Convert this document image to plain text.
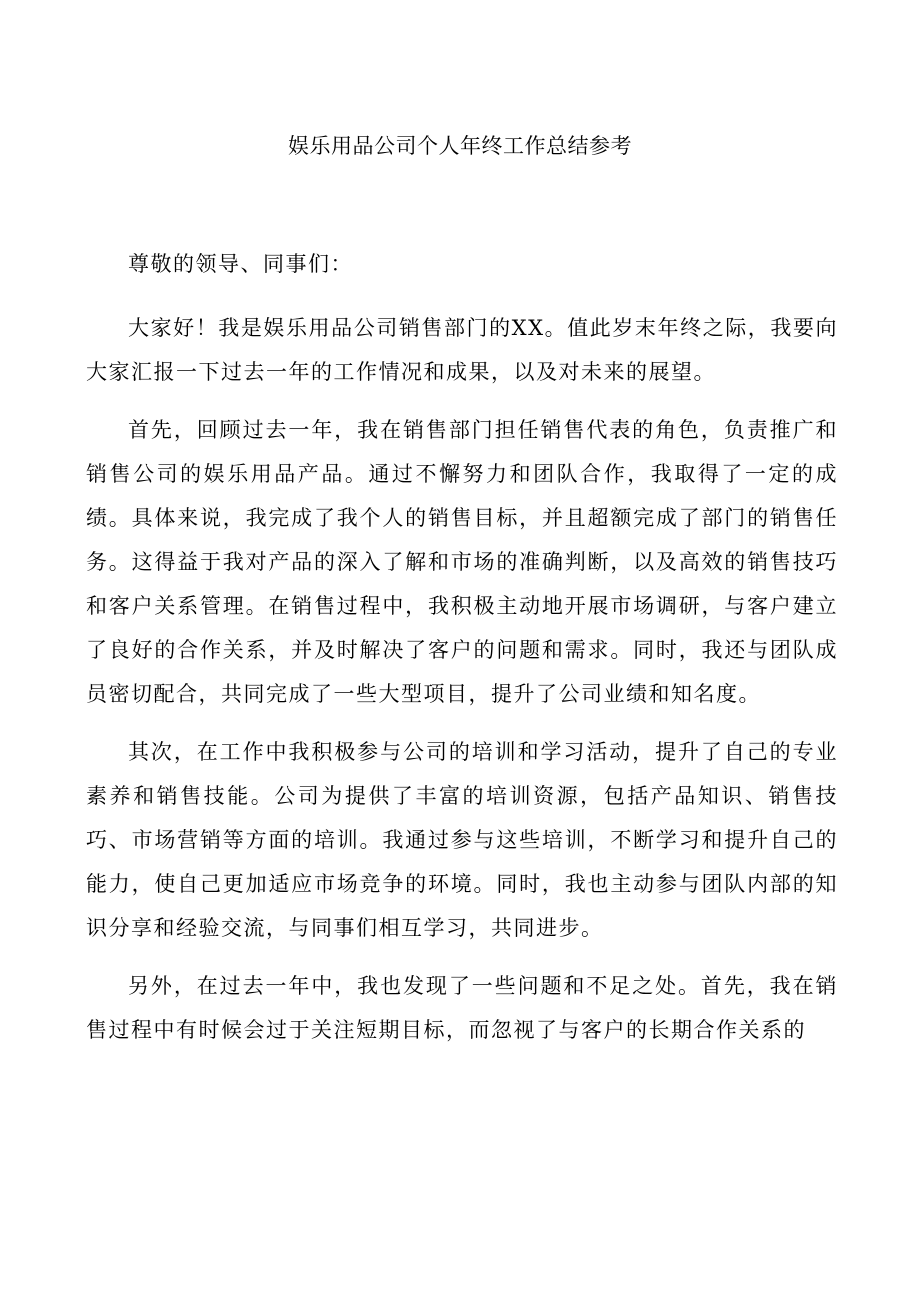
娱乐用品公司个人年终工作总结参考

尊敬的领导、同事们：

大家好！我是娱乐用品公司销售部门的XX。值此岁末年终之际，我要向大家汇报一下过去一年的工作情况和成果，以及对未来的展望。

首先，回顾过去一年，我在销售部门担任销售代表的角色，负责推广和销售公司的娱乐用品产品。通过不懈努力和团队合作，我取得了一定的成绩。具体来说，我完成了我个人的销售目标，并且超额完成了部门的销售任务。这得益于我对产品的深入了解和市场的准确判断，以及高效的销售技巧和客户关系管理。在销售过程中，我积极主动地开展市场调研，与客户建立了良好的合作关系，并及时解决了客户的问题和需求。同时，我还与团队成员密切配合，共同完成了一些大型项目，提升了公司业绩和知名度。

其次，在工作中我积极参与公司的培训和学习活动，提升了自己的专业素养和销售技能。公司为提供了丰富的培训资源，包括产品知识、销售技巧、市场营销等方面的培训。我通过参与这些培训，不断学习和提升自己的能力，使自己更加适应市场竞争的环境。同时，我也主动参与团队内部的知识分享和经验交流，与同事们相互学习，共同进步。

另外，在过去一年中，我也发现了一些问题和不足之处。首先，我在销售过程中有时候会过于关注短期目标，而忽视了与客户的长期合作关系的
